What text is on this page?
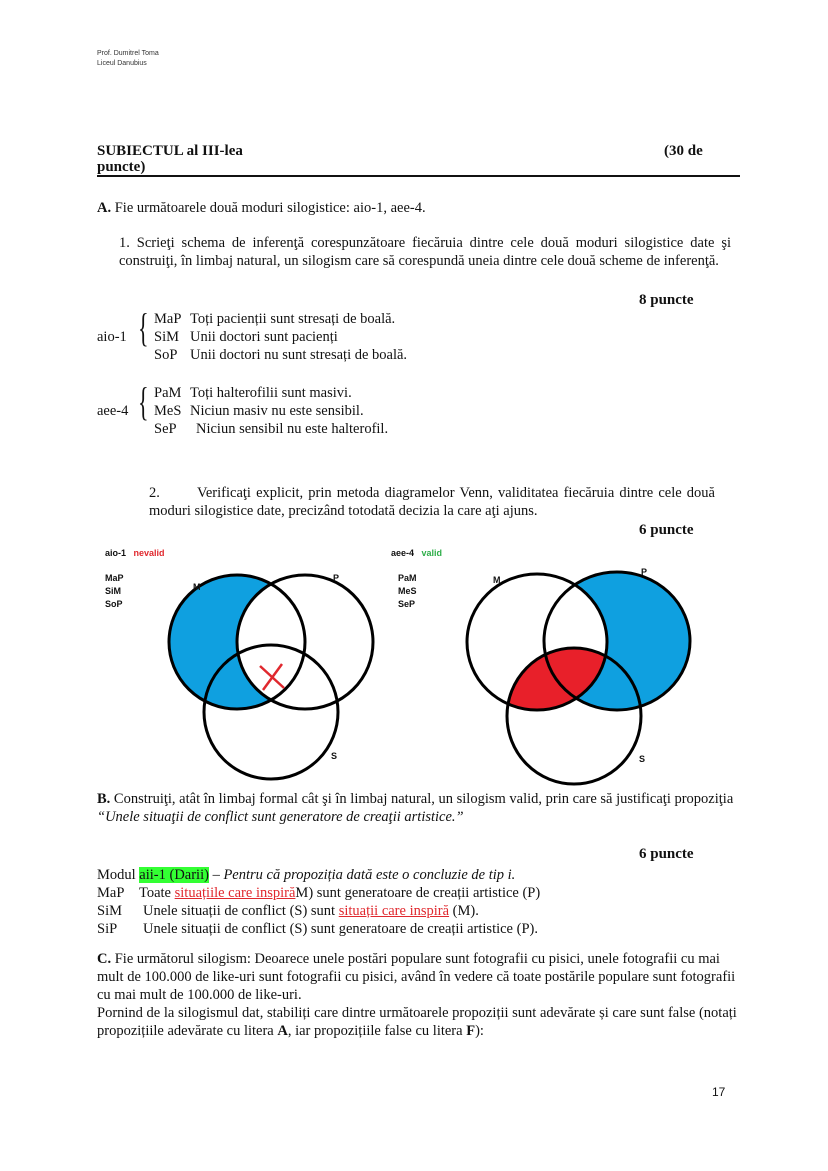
Prof. Dumitrel Toma
Liceul Danubius
SUBIECTUL al III-lea	(30 de
puncte)
A. Fie următoarele două moduri silogistice: aio-1, aee-4.
1. Scrieţi schema de inferenţă corespunzătoare fiecăruia dintre cele două moduri silogistice date şi construiţi, în limbaj natural, un silogism care să corespundă uneia dintre cele două scheme de inferenţă.
8 puncte
aio-1 { MaP Toți pacienții sunt stresați de boală.
SiM Unii doctori sunt pacienți
SoP Unii doctori nu sunt stresați de boală.
aee-4 { PaM Toți halterofilii sunt masivi.
MeS Niciun masiv nu este sensibil.
SeP Niciun sensibil nu este halterofil.
2.	Verificaţi explicit, prin metoda diagramelor Venn, validitatea fiecăruia dintre cele două moduri silogistice date, precizând totodată decizia la care aţi ajuns.
6 puncte
aio-1 nevalid
MaP
SiM
SoP
aee-4 valid
PaM
MeS
SeP
M
P
S
M
P
S
B. Construiţi, atât în limbaj formal cât şi în limbaj natural, un silogism valid, prin care să justificaţi propoziţia “Unele situaţii de conflict sunt generatore de creaţii artistice.”
6 puncte
Modul aii-1 (Darii) – Pentru că propoziția dată este o concluzie de tip i.
MaP Toate situațiile care inspirăM) sunt generatoare de creații artistice (P)
SiM Unele situații de conflict (S) sunt situații care inspiră (M).
SiP Unele situații de conflict (S) sunt generatoare de creații artistice (P).
C. Fie următorul silogism: Deoarece unele postări populare sunt fotografii cu pisici, unele fotografii cu mai mult de 100.000 de like-uri sunt fotografii cu pisici, având în vedere că toate postările populare sunt fotografii cu mai mult de 100.000 de like-uri.
Pornind de la silogismul dat, stabiliți care dintre următoarele propoziții sunt adevărate și care sunt false (notați propozițiile adevărate cu litera A, iar propozițiile false cu litera F):
17
